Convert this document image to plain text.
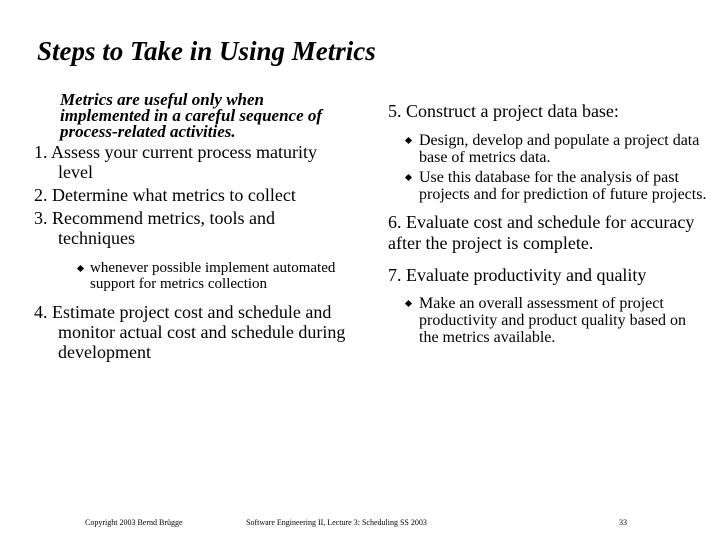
Steps to Take in Using Metrics

Metrics are useful only when implemented in a careful sequence of process-related activities.

1. Assess your current process maturity level

2. Determine what metrics to collect

3. Recommend metrics, tools and techniques

whenever possible implement automated support for metrics collection

4. Estimate project cost and schedule and monitor actual cost and schedule during development

5. Construct a project data base:

Design, develop and populate a project data base of metrics data.
Use this database for the analysis of past projects and for prediction of future projects.

6. Evaluate cost and schedule for accuracy after the project is complete.

7. Evaluate productivity and quality

Make an overall assessment of project productivity and product quality based on the metrics available.
Copyright 2003 Bernd Brügge	Software Engineering II, Lecture 3: Scheduling SS 2003	33
